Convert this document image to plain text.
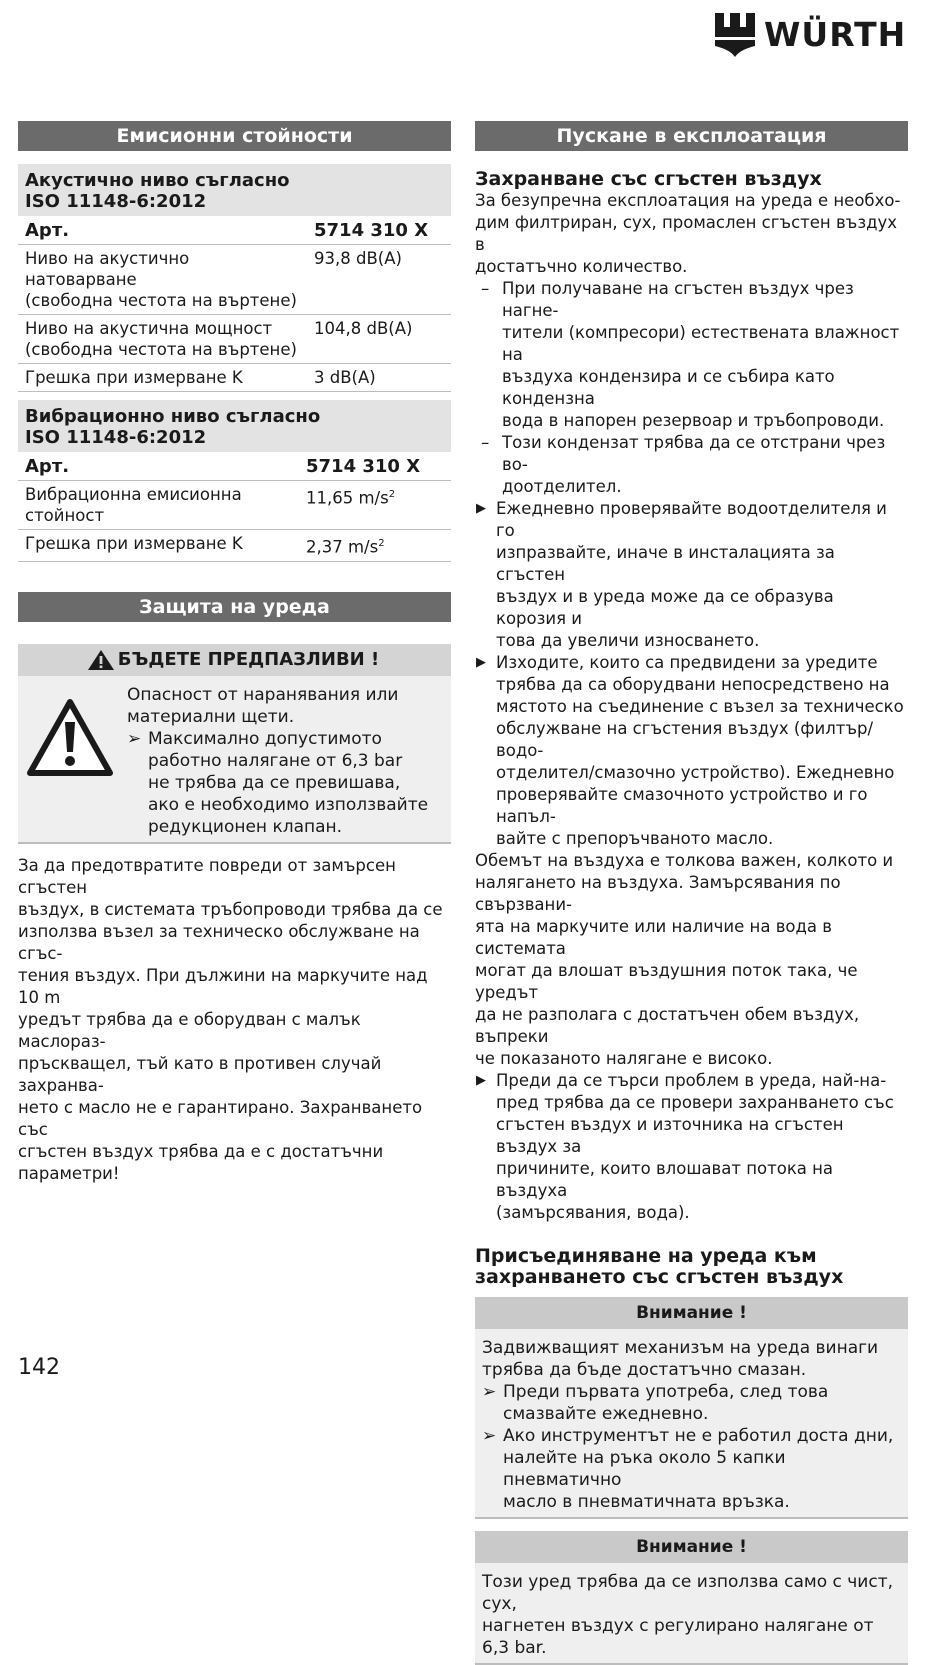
WÜRTH
Емисионни стойности
Акустично ниво съгласно
ISO 11148-6:2012	

Арт.	5714 310 X

Ниво на акустично натоварване
(свободна честота на въртене)	93,8 dB(A)

Ниво на акустична мощност
(свободна честота на въртене)	104,8 dB(A)
Грешка при измерване K	3 dB(A)
Вибрационно ниво съгласно
ISO 11148-6:2012	

Арт.	5714 310 X

Вибрационна емисионна
стойност	11,65 $m/s^2$
Грешка при измерване K	2,37 $m/s^2$
Защита на уреда
БЪДЕТЕ ПРЕДПАЗЛИВИ !
Опасност от наранявания или
материални щети.
➢ Максимално допустимото
работно налягане от 6,3 bar
не трябва да се превишава,
ако е необходимо използвайте
редукционен клапан.
За да предотвратите повреди от замърсен сгъстен
въздух, в системата тръбопроводи трябва да се
използва възел за техническо обслужване на сгъс-
тения въздух. При дължини на маркучите над 10 m
уредът трябва да е оборудван с малък маслораз-
пръскващел, тъй като в противен случай захранва-
нето с масло не е гарантирано. Захранването със
сгъстен въздух трябва да е с достатъчни параметри!
Пускане в експлоатация
Захранване със сгъстен въздух
За безупречна експлоатация на уреда е необхо-
дим филтриран, сух, промаслен сгъстен въздух в
достатъчно количество.
– При получаване на сгъстен въздух чрез нагне-
тители (компресори) естествената влажност на
въздуха кондензира и се събира като кондензна
вода в напорен резервоар и тръбопроводи.
– Този кондензат трябва да се отстрани чрез во-
доотделител.
▶ Ежедневно проверявайте водоотделителя и го
изпразвайте, иначе в инсталацията за сгъстен
въздух и в уреда може да се образува корозия и
това да увеличи износването.
▶ Изходите, които са предвидени за уредите
трябва да са оборудвани непосредствено на
мястото на съединение с възел за техническо
обслужване на сгъстения въздух (филтър/водо-
отделител/смазочно устройство). Ежедневно
проверявайте смазочното устройство и го напъл-
вайте с препоръчваното масло.
Обемът на въздуха е толкова важен, колкото и
налягането на въздуха. Замърсявания по свързвани-
ята на маркучите или наличие на вода в системата
могат да влошат въздушния поток така, че уредът
да не разполага с достатъчен обем въздух, въпреки
че показаното налягане е високо.
▶ Преди да се търси проблем в уреда, най-на-
пред трябва да се провери захранването със
сгъстен въздух и източника на сгъстен въздух за
причините, които влошават потока на въздуха
(замърсявания, вода).
Присъединяване на уреда към
захранването със сгъстен въздух
Внимание !
Задвижващият механизъм на уреда винаги
трябва да бъде достатъчно смазан.
➢ Преди първата употреба, след това
смазвайте ежедневно.
➢ Ако инструментът не е работил доста дни,
налейте на ръка около 5 капки пневматично
масло в пневматичната връзка.
Внимание !
Този уред трябва да се използва само с чист, сух,
нагнетен въздух с регулирано налягане от 6,3 bar.
142
